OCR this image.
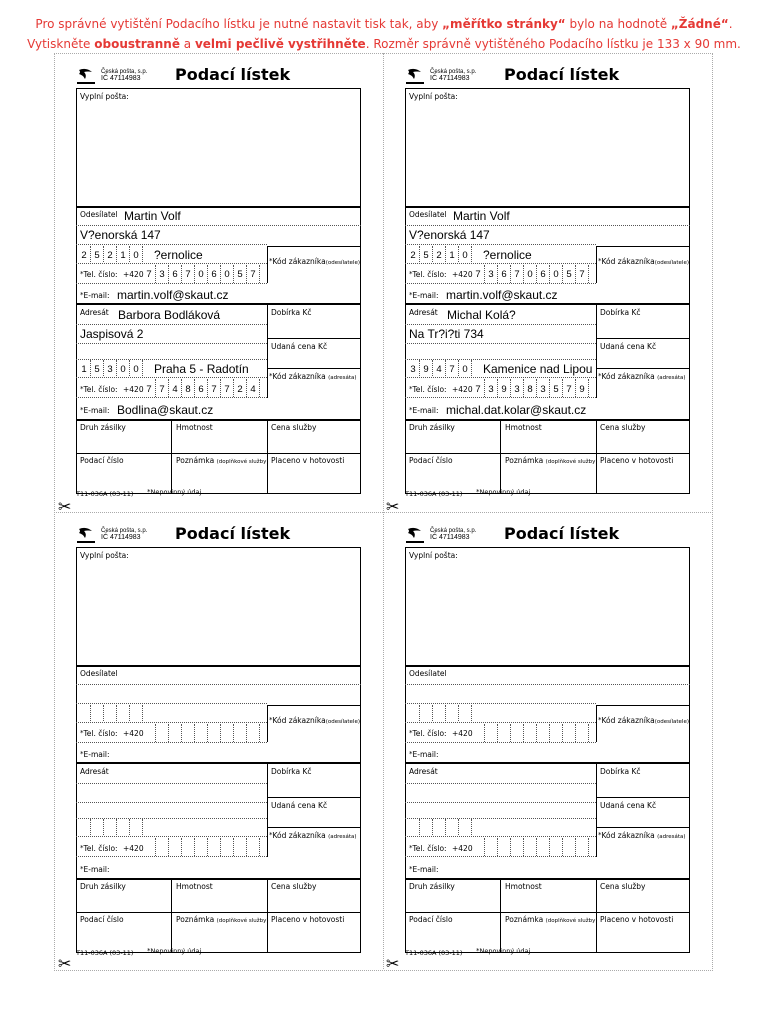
Pro správné vytištění Podacího lístku je nutné nastavit tisk tak, aby „měřítko stránky“ bylo na hodnotě „Žádné“.
Vytiskněte oboustranně a velmi pečlivě vystřihněte. Rozměr správně vytištěného Podacího lístku je 133 x 90 mm.
Česká pošta, s.p.
IČ 47114983 Podací lístek
Vyplní pošta:
Odesílatel Martin Volf
V?enorská 147
2 5 2 1 0 ?ernolice
*Tel. číslo: +420 7 3 6 7 0 6 0 5 7
*Kód zákazníka(odesílatele)
*E-mail: martin.volf@skaut.cz
Adresát Barbora Bodláková
Jaspisová 2
1 5 3 0 0 Praha 5 - Radotín
*Tel. číslo: +420 7 7 4 8 6 7 7 2 4
Dobírka Kč
Udaná cena Kč
*Kód zákazníka (adresáta)
*E-mail: Bodlina@skaut.cz
Druh zásilky	Hmotnost	Cena služby
Podací číslo	Poznámka (doplňkové služby) Placeno v hotovosti
T11-036A (03-11) *Nepovinný údaj
Česká pošta, s.p.
IČ 47114983 Podací lístek
Vyplní pošta:
Odesílatel Martin Volf
V?enorská 147
2 5 2 1 0 ?ernolice
*Tel. číslo: +420 7 3 6 7 0 6 0 5 7
*Kód zákazníka(odesílatele)
*E-mail: martin.volf@skaut.cz
Adresát Michal Kolá?
Na Tr?i?ti 734
3 9 4 7 0 Kamenice nad Lipou
*Tel. číslo: +420 7 3 9 3 8 3 5 7 9
Dobírka Kč
Udaná cena Kč
*Kód zákazníka (adresáta)
*E-mail: michal.dat.kolar@skaut.cz
Druh zásilky	Hmotnost	Cena služby
Podací číslo	Poznámka (doplňkové služby) Placeno v hotovosti
T11-036A (03-11) *Nepovinný údaj
Česká pošta, s.p.
IČ 47114983 Podací lístek
Vyplní pošta:
Odesílatel
*Tel. číslo: +420
*Kód zákazníka(odesílatele)
*E-mail:
Adresát
*Tel. číslo: +420
Dobírka Kč
Udaná cena Kč
*Kód zákazníka (adresáta)
*E-mail:
Druh zásilky	Hmotnost	Cena služby
Podací číslo	Poznámka (doplňkové služby) Placeno v hotovosti
T11-036A (03-11) *Nepovinný údaj
Česká pošta, s.p.
IČ 47114983 Podací lístek
Vyplní pošta:
Odesílatel
*Tel. číslo: +420
*Kód zákazníka(odesílatele)
*E-mail:
Adresát
*Tel. číslo: +420
Dobírka Kč
Udaná cena Kč
*Kód zákazníka (adresáta)
*E-mail:
Druh zásilky	Hmotnost	Cena služby
Podací číslo	Poznámka (doplňkové služby) Placeno v hotovosti
T11-036A (03-11) *Nepovinný údaj
✂	✂
✂	✂
